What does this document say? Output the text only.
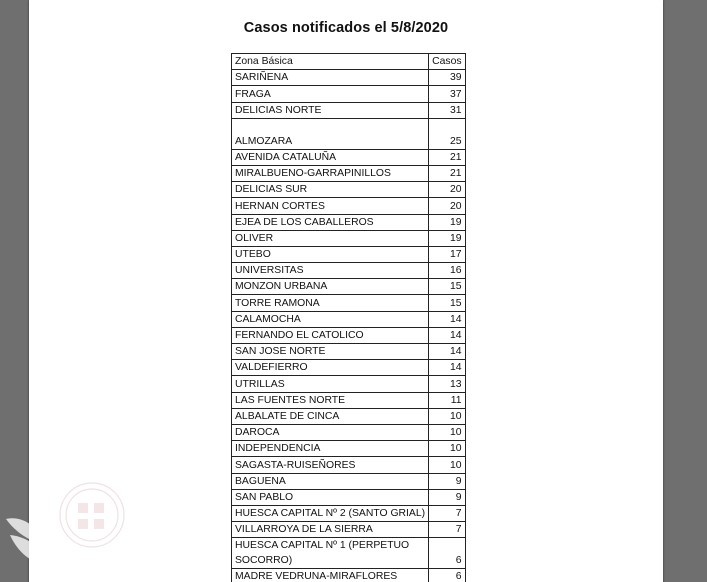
Casos notificados el 5/8/2020
Zona Básica	Casos
SARIÑENA	39
FRAGA	37
DELICIAS NORTE	31
ALMOZARA	25
AVENIDA CATALUÑA	21
MIRALBUENO-GARRAPINILLOS	21
DELICIAS SUR	20
HERNAN CORTES	20
EJEA DE LOS CABALLEROS	19
OLIVER	19
UTEBO	17
UNIVERSITAS	16
MONZON URBANA	15
TORRE RAMONA	15
CALAMOCHA	14
FERNANDO EL CATOLICO	14
SAN JOSE NORTE	14
VALDEFIERRO	14
UTRILLAS	13
LAS FUENTES NORTE	11
ALBALATE DE CINCA	10
DAROCA	10
INDEPENDENCIA	10
SAGASTA-RUISEÑORES	10
BAGUENA	9
SAN PABLO	9
HUESCA CAPITAL Nº 2 (SANTO GRIAL)	7
VILLARROYA DE LA SIERRA	7
HUESCA CAPITAL Nº 1 (PERPETUO SOCORRO)	6
MADRE VEDRUNA-MIRAFLORES	6
